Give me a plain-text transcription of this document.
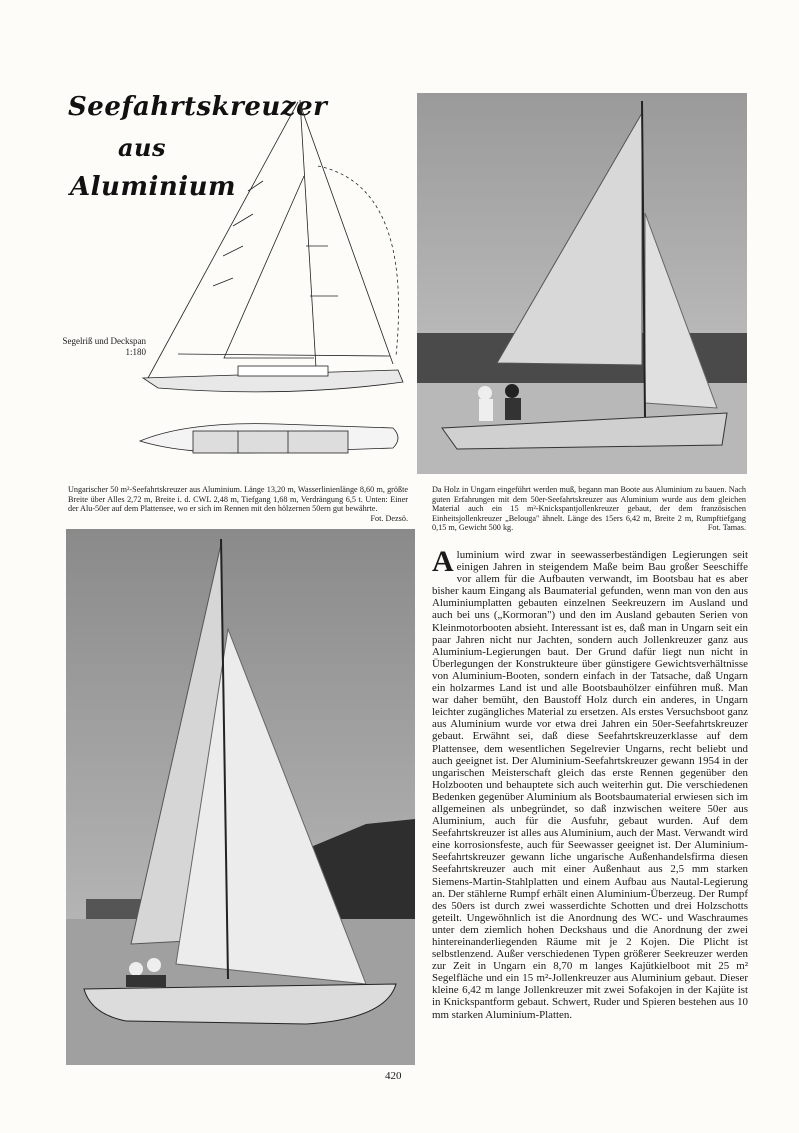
Seefahrtskreuzer
aus
Aluminium
Segelriß und Deckspan 1:180
Ungarischer 50 m²-Seefahrtskreuzer aus Aluminium. Länge 13,20 m, Wasserlinienlänge 8,60 m, größte Breite über Alles 2,72 m, Breite i. d. CWL 2,48 m, Tiefgang 1,68 m, Verdrängung 6,5 t. Unten: Einer der Alu-50er auf dem Plattensee, wo er sich im Rennen mit den hölzernen 50ern gut bewährte.
Fot. Dezsö.
Da Holz in Ungarn eingeführt werden muß, begann man Boote aus Aluminium zu bauen. Nach guten Erfahrungen mit dem 50er-Seefahrtskreuzer aus Aluminium wurde aus dem gleichen Material auch ein 15 m²-Knickspantjollenkreuzer gebaut, der dem französischen Einheitsjollenkreuzer „Belouga" ähnelt. Länge des 15ers 6,42 m, Breite 2 m, Rumpftiefgang 0,15 m, Gewicht 500 kg.	Fot. Tamas.
A luminium wird zwar in seewasserbeständigen Legierungen seit einigen Jahren in steigendem Maße beim Bau großer Seeschiffe vor allem für die Aufbauten verwandt, im Bootsbau hat es aber bisher kaum Eingang als Baumaterial gefunden, wenn man von den aus Aluminiumplatten gebauten einzelnen Seekreuzern im Ausland und auch bei uns („Kormoran") und den im Ausland gebauten Serien von Kleinmotorbooten absieht. Interessant ist es, daß man in Ungarn seit ein paar Jahren nicht nur Jachten, sondern auch Jollenkreuzer ganz aus Aluminium-Legierungen baut. Der Grund dafür liegt nun nicht in Überlegungen der Konstrukteure über günstigere Gewichtsverhältnisse von Aluminium-Booten, sondern einfach in der Tatsache, daß Ungarn ein holzarmes Land ist und alle Bootsbauhölzer einführen muß. Man war daher bemüht, den Baustoff Holz durch ein anderes, in Ungarn leichter zugängliches Material zu ersetzen. Als erstes Versuchsboot ganz aus Aluminium wurde vor etwa drei Jahren ein 50er-Seefahrtskreuzer gebaut. Erwähnt sei, daß diese Seefahrtskreuzerklasse auf dem Plattensee, dem wesentlichen Segelrevier Ungarns, recht beliebt und auch geeignet ist. Der Aluminium-Seefahrtskreuzer gewann 1954 in der ungarischen Meisterschaft gleich das erste Rennen gegenüber den Holzbooten und behauptete sich auch weiterhin gut. Die verschiedenen Bedenken gegenüber Aluminium als Bootsbaumaterial erwiesen sich im allgemeinen als unbegründet, so daß inzwischen weitere 50er aus Aluminium, auch für die Ausfuhr, gebaut wurden. Auf dem Seefahrtskreuzer ist alles aus Aluminium, auch der Mast. Verwandt wird eine korrosionsfeste, auch für Seewasser geeignet ist. Der Aluminium-Seefahrtskreuzer gewann liche ungarische Außenhandelsfirma diesen Seefahrtskreuzer auch mit einer Außenhaut aus 2,5 mm starken Siemens-Martin-Stahlplatten und einem Aufbau aus Nautal-Legierung an. Der stählerne Rumpf erhält einen Aluminium-Überzeug. Der Rumpf des 50ers ist durch zwei wasserdichte Schotten und drei Holzschotts geteilt. Ungewöhnlich ist die Anordnung des WC- und Waschraumes unter dem ziemlich hohen Deckshaus und die Anordnung der zwei hintereinanderliegenden Räume mit je 2 Kojen. Die Plicht ist selbstlenzend. Außer verschiedenen Typen größerer Seekreuzer werden zur Zeit in Ungarn ein 8,70 m langes Kajütkielboot mit 25 m² Segelfläche und ein 15 m²-Jollenkreuzer aus Aluminium gebaut. Dieser kleine 6,42 m lange Jollenkreuzer mit zwei Sofakojen in der Kajüte ist in Knickspantform gebaut. Schwert, Ruder und Spieren bestehen aus 10 mm starken Aluminium-Platten.
420
